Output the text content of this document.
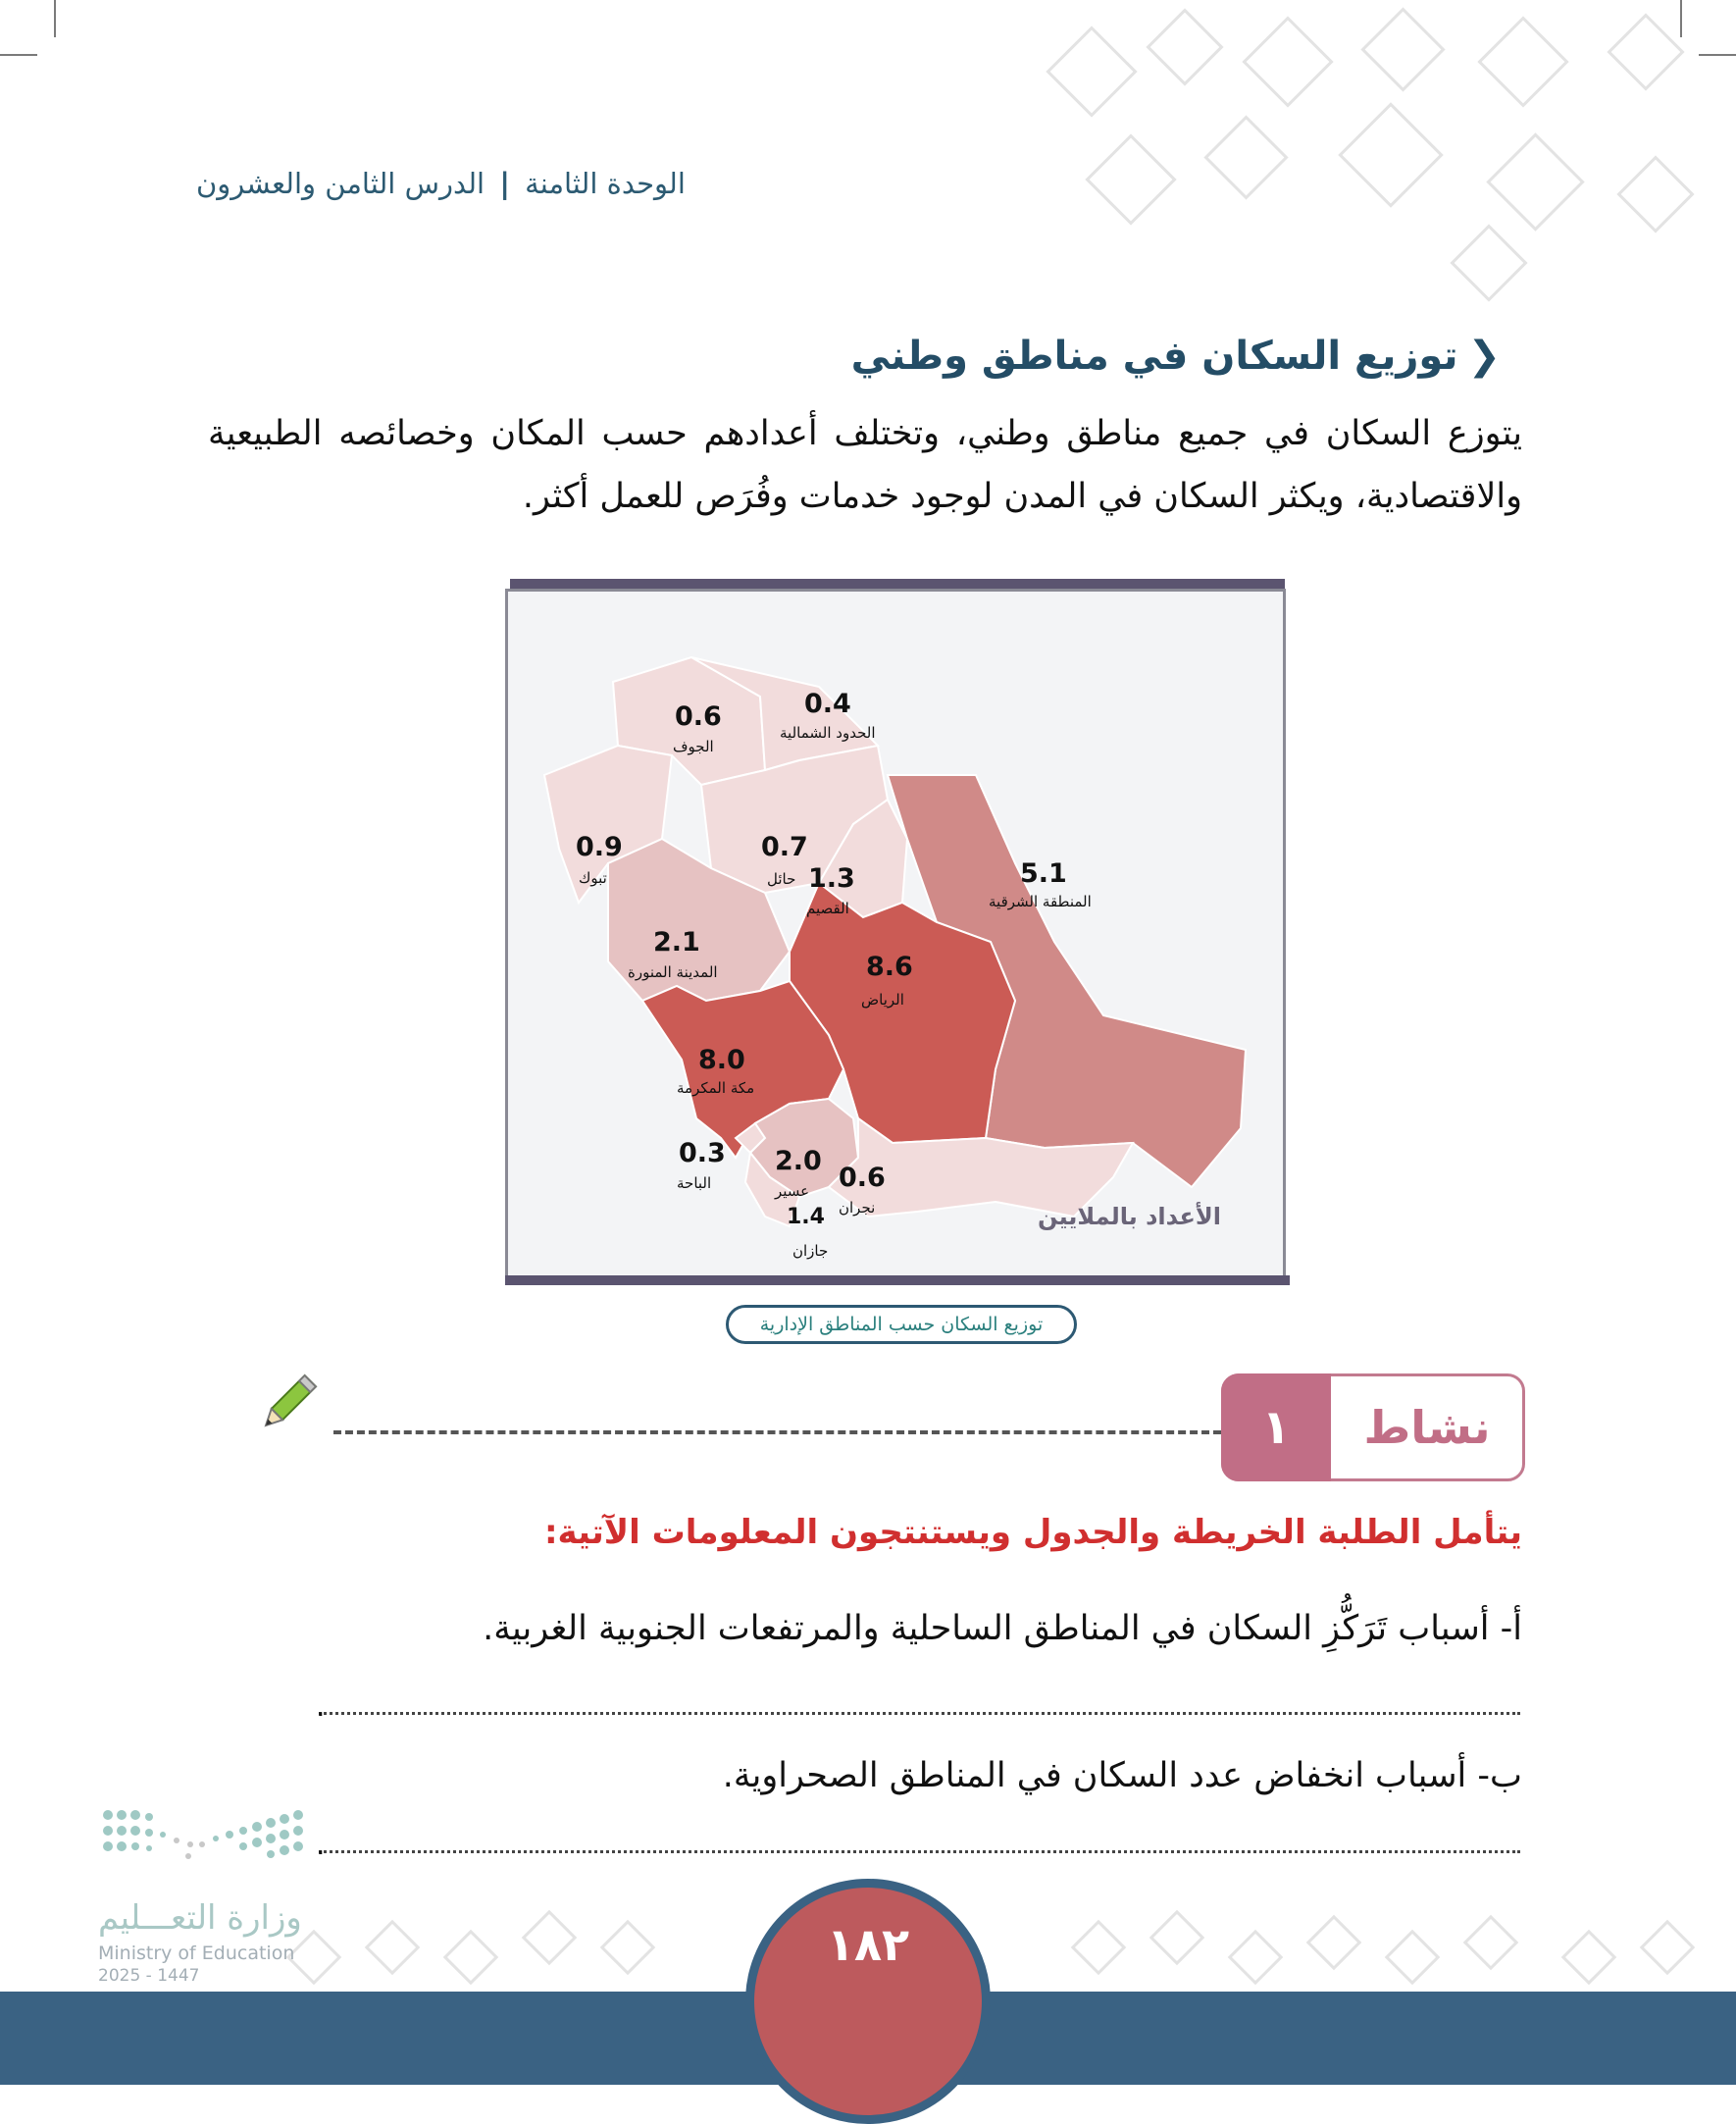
الوحدة الثامنة | الدرس الثامن والعشرون
❮
توزيع السكان في مناطق وطني
يتوزع السكان في جميع مناطق وطني، وتختلف أعدادهم حسب المكان وخصائصه الطبيعية والاقتصادية، ويكثر السكان في المدن لوجود خدمات وفُرَص للعمل أكثر.
0.6
الجوف
0.4
الحدود الشمالية
0.9
تبوك
0.7
حائل 1.3
القصيم
5.1
المنطقة الشرقية
2.1
المدينة المنورة	8.6
الرياض
8.0
مكة المكرمة
0.3
الباحة
2.0
عسير 0.6
نجران
1.4
جازان
الأعداد بالملايين
توزيع السكان حسب المناطق الإدارية
١	نشاط
يتأمل الطلبة الخريطة والجدول ويستنتجون المعلومات الآتية:
أ- أسباب تَرَكُّزِ السكان في المناطق الساحلية والمرتفعات الجنوبية الغربية.
.
ب- أسباب انخفاض عدد السكان في المناطق الصحراوية.
.
وزارة التعـــليم
Ministry of Education
2025 - 1447
١٨٢
